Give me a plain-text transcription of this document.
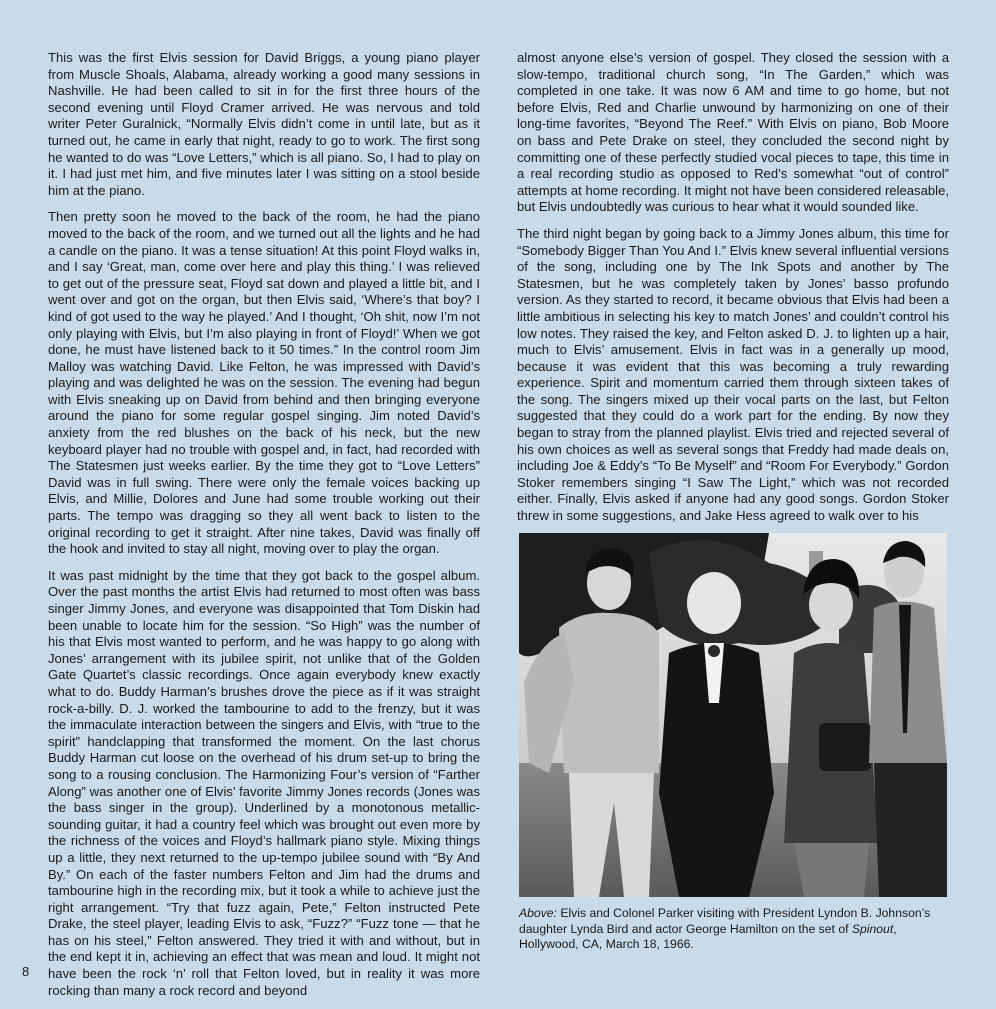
This was the first Elvis session for David Briggs, a young piano player from Muscle Shoals, Alabama, already working a good many sessions in Nashville. He had been called to sit in for the first three hours of the second evening until Floyd Cramer arrived. He was nervous and told writer Peter Guralnick, “Normally Elvis didn’t come in until late, but as it turned out, he came in early that night, ready to go to work. The first song he wanted to do was “Love Letters,” which is all piano. So, I had to play on it. I had just met him, and five minutes later I was sitting on a stool beside him at the piano.

Then pretty soon he moved to the back of the room, he had the piano moved to the back of the room, and we turned out all the lights and he had a candle on the piano. It was a tense situation! At this point Floyd walks in, and I say ‘Great, man, come over here and play this thing.’ I was relieved to get out of the pressure seat, Floyd sat down and played a little bit, and I went over and got on the organ, but then Elvis said, ‘Where’s that boy? I kind of got used to the way he played.’ And I thought, ‘Oh shit, now I’m not only playing with Elvis, but I’m also playing in front of Floyd!’ When we got done, he must have listened back to it 50 times.” In the control room Jim Malloy was watching David. Like Felton, he was impressed with David’s playing and was delighted he was on the session. The evening had begun with Elvis sneaking up on David from behind and then bringing everyone around the piano for some regular gospel singing. Jim noted David’s anxiety from the red blushes on the back of his neck, but the new keyboard player had no trouble with gospel and, in fact, had recorded with The Statesmen just weeks earlier. By the time they got to “Love Letters” David was in full swing. There were only the female voices backing up Elvis, and Millie, Dolores and June had some trouble working out their parts. The tempo was dragging so they all went back to listen to the original recording to get it straight. After nine takes, David was finally off the hook and invited to stay all night, moving over to play the organ.

It was past midnight by the time that they got back to the gospel album. Over the past months the artist Elvis had returned to most often was bass singer Jimmy Jones, and everyone was disappointed that Tom Diskin had been unable to locate him for the session. “So High” was the number of his that Elvis most wanted to perform, and he was happy to go along with Jones’ arrangement with its jubilee spirit, not unlike that of the Golden Gate Quartet’s classic recordings. Once again everybody knew exactly what to do. Buddy Harman’s brushes drove the piece as if it was straight rock-a-billy. D. J. worked the tambourine to add to the frenzy, but it was the immaculate interaction between the singers and Elvis, with “true to the spirit” handclapping that transformed the moment. On the last chorus Buddy Harman cut loose on the overhead of his drum set-up to bring the song to a rousing conclusion. The Harmonizing Four’s version of “Farther Along” was another one of Elvis’ favorite Jimmy Jones records (Jones was the bass singer in the group). Underlined by a monotonous metallic-sounding guitar, it had a country feel which was brought out even more by the richness of the voices and Floyd’s hallmark piano style. Mixing things up a little, they next returned to the up-tempo jubilee sound with “By And By.” On each of the faster numbers Felton and Jim had the drums and tambourine high in the recording mix, but it took a while to achieve just the right arrangement. “Try that fuzz again, Pete,” Felton instructed Pete Drake, the steel player, leading Elvis to ask, “Fuzz?” “Fuzz tone — that he has on his steel,” Felton answered. They tried it with and without, but in the end kept it in, achieving an effect that was mean and loud. It might not have been the rock ‘n’ roll that Felton loved, but in reality it was more rocking than many a rock record and beyond

almost anyone else’s version of gospel. They closed the session with a slow-tempo, traditional church song, “In The Garden,” which was completed in one take. It was now 6 AM and time to go home, but not before Elvis, Red and Charlie unwound by harmonizing on one of their long-time favorites, “Beyond The Reef.” With Elvis on piano, Bob Moore on bass and Pete Drake on steel, they concluded the second night by committing one of these perfectly studied vocal pieces to tape, this time in a real recording studio as opposed to Red’s somewhat “out of control” attempts at home recording. It might not have been considered releasable, but Elvis undoubtedly was curious to hear what it would sounded like.

The third night began by going back to a Jimmy Jones album, this time for “Somebody Bigger Than You And I.” Elvis knew several influential versions of the song, including one by The Ink Spots and another by The Statesmen, but he was completely taken by Jones’ basso profundo version. As they started to record, it became obvious that Elvis had been a little ambitious in selecting his key to match Jones’ and couldn’t control his low notes. They raised the key, and Felton asked D. J. to lighten up a hair, much to Elvis’ amusement. Elvis in fact was in a generally up mood, because it was evident that this was becoming a truly rewarding experience. Spirit and momentum carried them through sixteen takes of the song. The singers mixed up their vocal parts on the last, but Felton suggested that they could do a work part for the ending. By now they began to stray from the planned playlist. Elvis tried and rejected several of his own choices as well as several songs that Freddy had made deals on, including Joe & Eddy’s “To Be Myself” and “Room For Everybody.” Gordon Stoker remembers singing “I Saw The Light,” which was not recorded either. Finally, Elvis asked if anyone had any good songs. Gordon Stoker threw in some suggestions, and Jake Hess agreed to walk over to his

Above: Elvis and Colonel Parker visiting with President Lyndon B. Johnson’s daughter Lynda Bird and actor George Hamilton on the set of Spinout, Hollywood, CA, March 18, 1966.
8
